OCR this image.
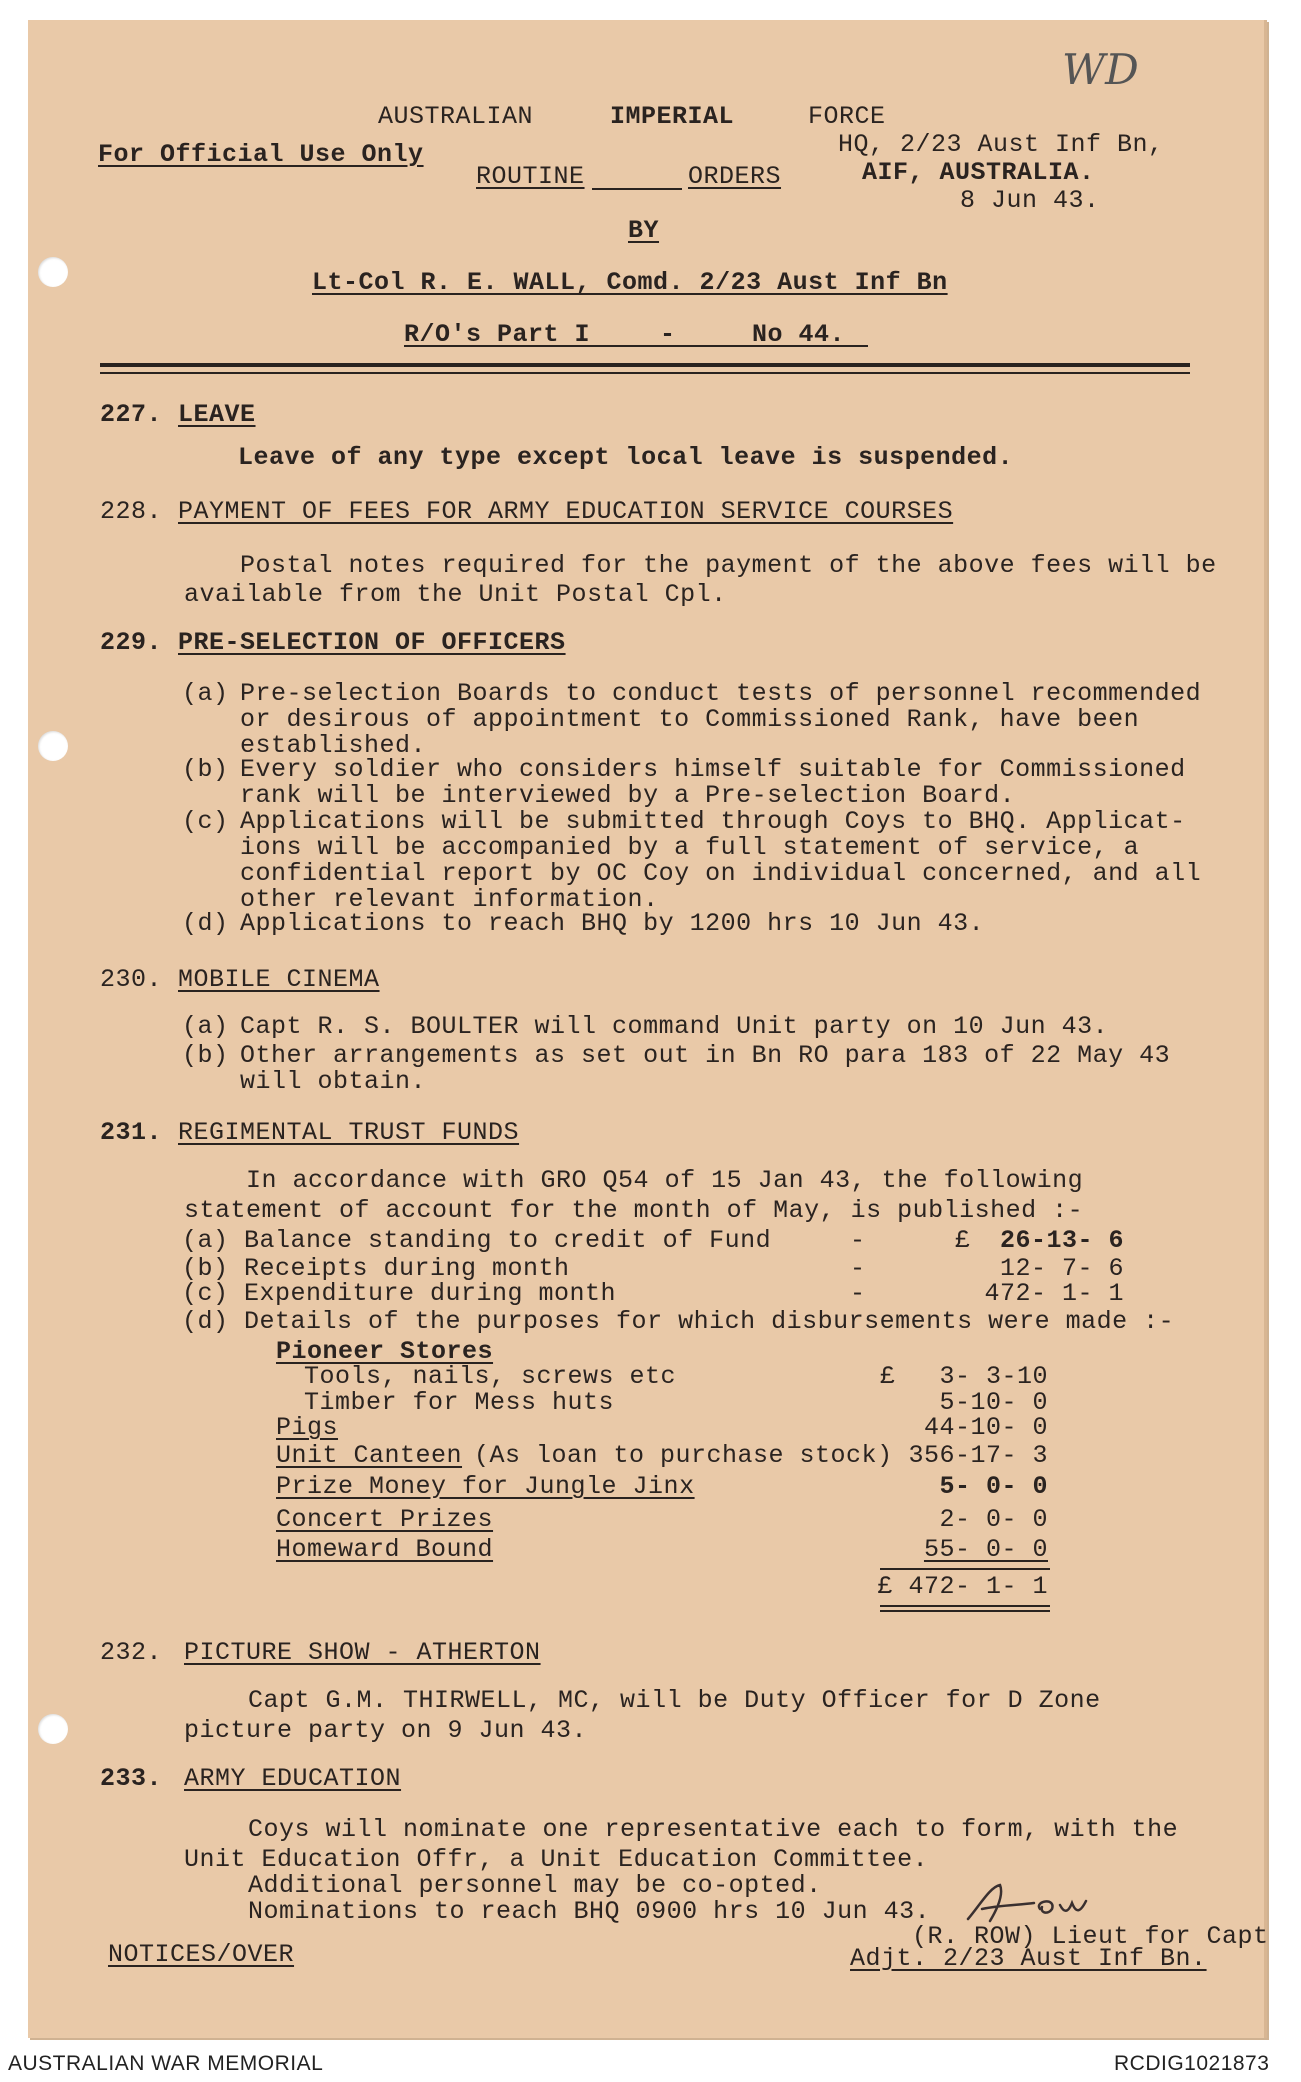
WD
AUSTRALIAN	IMPERIAL	FORCE
For Official Use Only	HQ, 2/23 Aust Inf Bn,
AIF, AUSTRALIA.
8 Jun 43.
ROUTINE	ORDERS
BY
Lt-Col R. E. WALL, Comd. 2/23 Aust Inf Bn
R/O's Part I	-	No 44.
227. LEAVE
Leave of any type except local leave is suspended.
228. PAYMENT OF FEES FOR ARMY EDUCATION SERVICE COURSES
Postal notes required for the payment of the above fees will be
available from the Unit Postal Cpl.
229. PRE-SELECTION OF OFFICERS
(a) Pre-selection Boards to conduct tests of personnel recommended
or desirous of appointment to Commissioned Rank, have been
established.
(b) Every soldier who considers himself suitable for Commissioned
rank will be interviewed by a Pre-selection Board.
(c) Applications will be submitted through Coys to BHQ. Applicat-
ions will be accompanied by a full statement of service, a
confidential report by OC Coy on individual concerned, and all
other relevant information.
(d) Applications to reach BHQ by 1200 hrs 10 Jun 43.
230. MOBILE CINEMA
(a) Capt R. S. BOULTER will command Unit party on 10 Jun 43.
(b) Other arrangements as set out in Bn RO para 183 of 22 May 43
will obtain.
231. REGIMENTAL TRUST FUNDS
In accordance with GRO Q54 of 15 Jan 43, the following
statement of account for the month of May, is published :-
(a) Balance standing to credit of Fund	-	£	26-13- 6
(b) Receipts during month	-	12- 7- 6
(c) Expenditure during month	-	472- 1- 1
(d) Details of the purposes for which disbursements were made :-
Pioneer Stores
Tools, nails, screws etc	£	3- 3-10
Timber for Mess huts	5-10- 0
Pigs	44-10- 0
Unit Canteen (As loan to purchase stock) 356-17- 3
Prize Money for Jungle Jinx	5- 0- 0
Concert Prizes	2- 0- 0
Homeward Bound	55- 0- 0
£ 472- 1- 1
232. PICTURE SHOW - ATHERTON
Capt G.M. THIRWELL, MC, will be Duty Officer for D Zone
picture party on 9 Jun 43.
233. ARMY EDUCATION
Coys will nominate one representative each to form, with the
Unit Education Offr, a Unit Education Committee.
Additional personnel may be co-opted.
Nominations to reach BHQ 0900 hrs 10 Jun 43.
NOTICES/OVER
(R. ROW) Lieut for Capt
Adjt. 2/23 Aust Inf Bn.
AUSTRALIAN WAR MEMORIAL	RCDIG1021873
